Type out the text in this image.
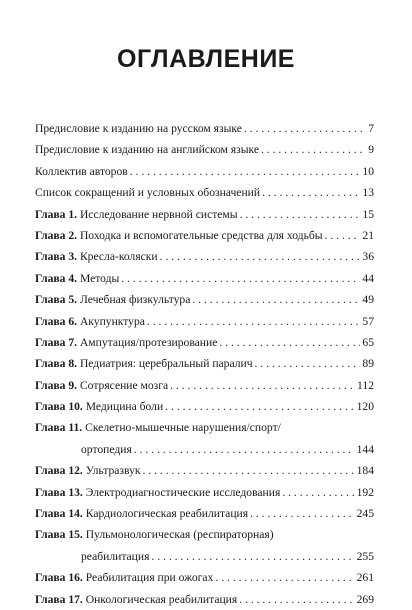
ОГЛАВЛЕНИЕ
Предисловие к изданию на русском языке . . .	7
Предисловие к изданию на английском языке . . .	9
Коллектив авторов . . .	10
Список сокращений и условных обозначений . . .	13
Глава 1. Исследование нервной системы . . .	15
Глава 2. Походка и вспомогательные средства для ходьбы . . .	21
Глава 3. Кресла-коляски . . .	36
Глава 4. Методы . . .	44
Глава 5. Лечебная физкультура . . .	49
Глава 6. Акупунктура . . .	57
Глава 7. Ампутация/протезирование . . .	65
Глава 8. Педиатрия: церебральный паралич . . .	89
Глава 9. Сотрясение мозга . . .	112
Глава 10. Медицина боли . . .	120
Глава 11. Скелетно-мышечные нарушения/спорт/
ортопедия . . .	144
Глава 12. Ультразвук . . .	184
Глава 13. Электродиагностические исследования . . .	192
Глава 14. Кардиологическая реабилитация . . .	245
Глава 15. Пульмонологическая (респираторная)
реабилитация . . .	255
Глава 16. Реабилитация при ожогах . . .	261
Глава 17. Онкологическая реабилитация . . .	269
